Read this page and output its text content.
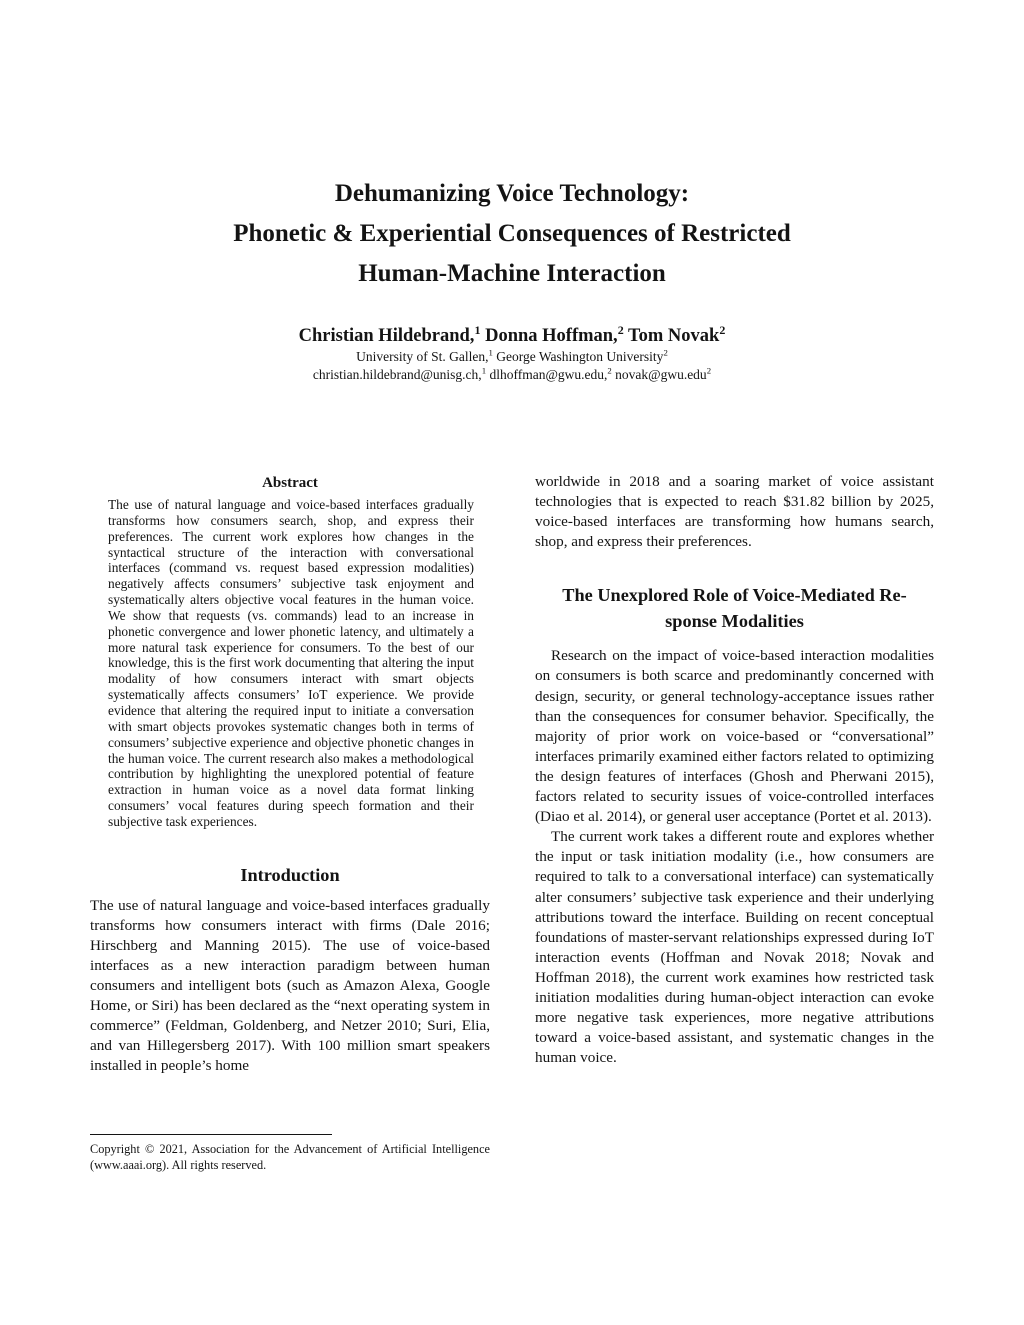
Dehumanizing Voice Technology:
Phonetic & Experiential Consequences of Restricted
Human-Machine Interaction
Christian Hildebrand,$^1$ Donna Hoffman,$^2$ Tom Novak$^2$
University of St. Gallen,$^1$ George Washington University$^2$
christian.hildebrand@unisg.ch,$^1$ dlhoffman@gwu.edu,$^2$ novak@gwu.edu$^2$
Abstract

The use of natural language and voice-based interfaces gradually transforms how consumers search, shop, and express their preferences. The current work explores how changes in the syntactical structure of the interaction with conversational interfaces (command vs. request based expression modalities) negatively affects consumers’ subjective task enjoyment and systematically alters objective vocal features in the human voice. We show that requests (vs. commands) lead to an increase in phonetic convergence and lower phonetic latency, and ultimately a more natural task experience for consumers. To the best of our knowledge, this is the first work documenting that altering the input modality of how consumers interact with smart objects systematically affects consumers’ IoT experience. We provide evidence that altering the required input to initiate a conversation with smart objects provokes systematic changes both in terms of consumers’ subjective experience and objective phonetic changes in the human voice. The current research also makes a methodological contribution by highlighting the unexplored potential of feature extraction in human voice as a novel data format linking consumers’ vocal features during speech formation and their subjective task experiences.

Introduction

The use of natural language and voice-based interfaces gradually transforms how consumers interact with firms (Dale 2016; Hirschberg and Manning 2015). The use of voice-based interfaces as a new interaction paradigm between human consumers and intelligent bots (such as Amazon Alexa, Google Home, or Siri) has been declared as the “next operating system in commerce” (Feldman, Goldenberg, and Netzer 2010; Suri, Elia, and van Hillegersberg 2017). With 100 million smart speakers installed in people’s home

worldwide in 2018 and a soaring market of voice assistant technologies that is expected to reach $31.82 billion by 2025, voice-based interfaces are transforming how humans search, shop, and express their preferences.

The Unexplored Role of Voice-Mediated Re-
sponse Modalities

Research on the impact of voice-based interaction modalities on consumers is both scarce and predominantly concerned with design, security, or general technology-acceptance issues rather than the consequences for consumer behavior. Specifically, the majority of prior work on voice-based or “conversational” interfaces primarily examined either factors related to optimizing the design features of interfaces (Ghosh and Pherwani 2015), factors related to security issues of voice-controlled interfaces (Diao et al. 2014), or general user acceptance (Portet et al. 2013).

The current work takes a different route and explores whether the input or task initiation modality (i.e., how consumers are required to talk to a conversational interface) can systematically alter consumers’ subjective task experience and their underlying attributions toward the interface. Building on recent conceptual foundations of master-servant relationships expressed during IoT interaction events (Hoffman and Novak 2018; Novak and Hoffman 2018), the current work examines how restricted task initiation modalities during human-object interaction can evoke more negative task experiences, more negative attributions toward a voice-based assistant, and systematic changes in the human voice.

Copyright © 2021, Association for the Advancement of Artificial Intelligence (www.aaai.org). All rights reserved.
